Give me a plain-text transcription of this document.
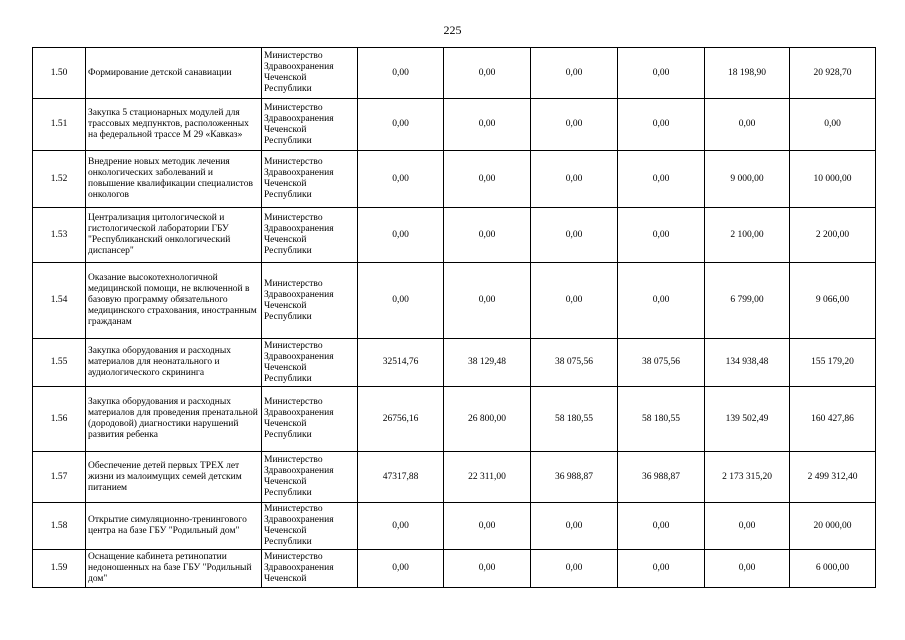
225
1.50	Формирование детской санавиации	Министерство Здравоохранения Чеченской Республики	0,00	0,00	0,00	0,00	18 198,90	20 928,70
1.51	Закупка 5 стационарных модулей для трассовых медпунктов, расположенных на федеральной трассе М 29 «Кавказ»	Министерство Здравоохранения Чеченской Республики	0,00	0,00	0,00	0,00	0,00	0,00
1.52	Внедрение новых методик лечения онкологических заболеваний и повышение квалификации специалистов онкологов	Министерство Здравоохранения Чеченской Республики	0,00	0,00	0,00	0,00	9 000,00	10 000,00
1.53	Централизация цитологической и гистологической лаборатории ГБУ "Республиканский онкологический диспансер"	Министерство Здравоохранения Чеченской Республики	0,00	0,00	0,00	0,00	2 100,00	2 200,00
1.54	Оказание высокотехнологичной медицинской помощи, не включенной в базовую программу обязательного медицинского страхования, иностранным гражданам	Министерство Здравоохранения Чеченской Республики	0,00	0,00	0,00	0,00	6 799,00	9 066,00
1.55	Закупка оборудования и расходных материалов для неонатального и аудиологического скрининга	Министерство Здравоохранения Чеченской Республики	32514,76	38 129,48	38 075,56	38 075,56	134 938,48	155 179,20
1.56	Закупка оборудования и расходных материалов для проведения пренатальной (дородовой) диагностики нарушений развития ребенка	Министерство Здравоохранения Чеченской Республики	26756,16	26 800,00	58 180,55	58 180,55	139 502,49	160 427,86
1.57	Обеспечение детей первых ТРЕХ лет жизни из малоимущих семей детским питанием	Министерство Здравоохранения Чеченской Республики	47317,88	22 311,00	36 988,87	36 988,87	2 173 315,20	2 499 312,40
1.58	Открытие симуляционно-тренингового центра на базе ГБУ "Родильный дом"	Министерство Здравоохранения Чеченской Республики	0,00	0,00	0,00	0,00	0,00	20 000,00
1.59	Оснащение кабинета ретинопатии недоношенных на базе ГБУ "Родильный дом"	Министерство Здравоохранения Чеченской	0,00	0,00	0,00	0,00	0,00	6 000,00
